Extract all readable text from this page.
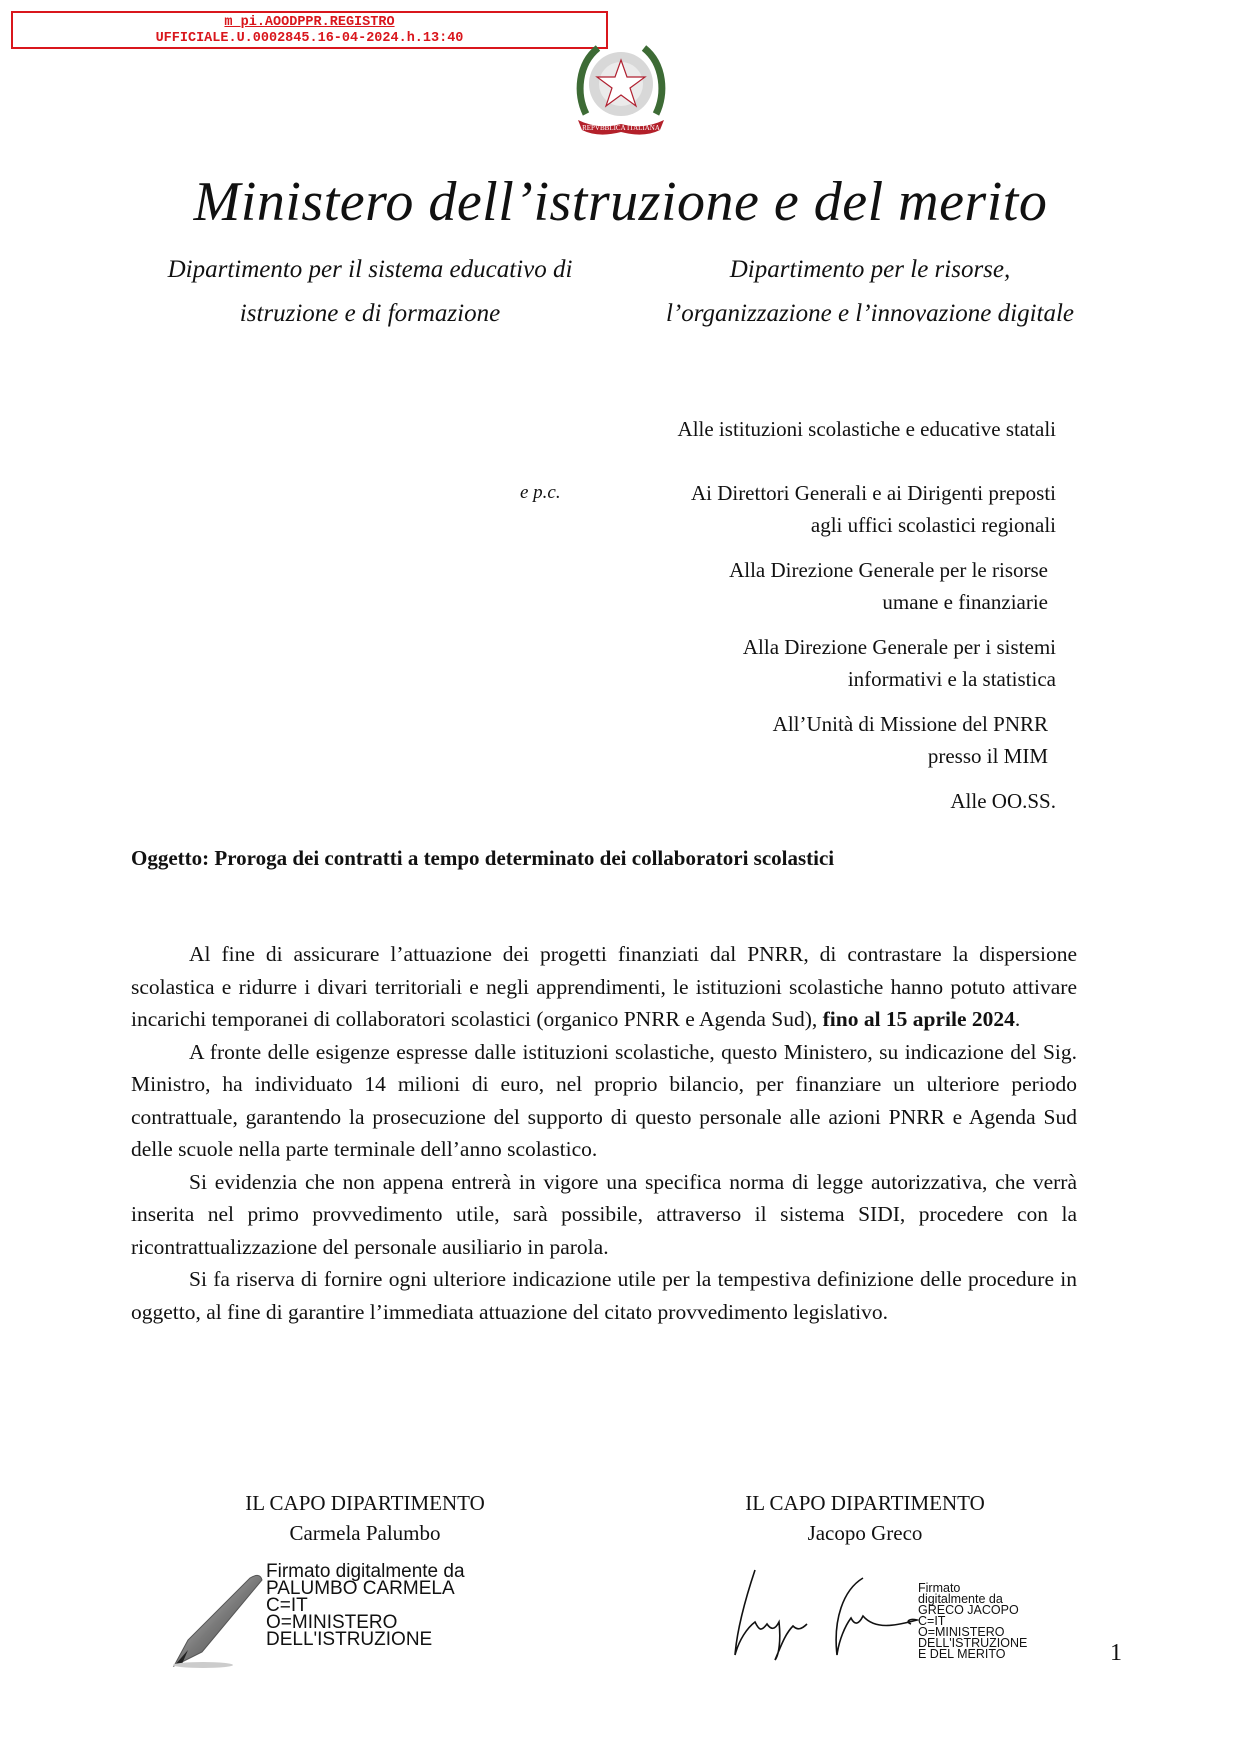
m_pi.AOODPPR.REGISTRO
UFFICIALE.U.0002845.16-04-2024.h.13:40
REPVBBLICA ITALIANA
Ministero dell’istruzione e del merito
Dipartimento per il sistema educativo di
istruzione e di formazione
Dipartimento per le risorse,
l’organizzazione e l’innovazione digitale
Alle istituzioni scolastiche e educative statali
e p.c.	Ai Direttori Generali e ai Dirigenti preposti
agli uffici scolastici regionali
Alla Direzione Generale per le risorse
umane e finanziarie
Alla Direzione Generale per i sistemi
informativi e la statistica
All’Unità di Missione del PNRR
presso il MIM
Alle OO.SS.
Oggetto: Proroga dei contratti a tempo determinato dei collaboratori scolastici

Al fine di assicurare l’attuazione dei progetti finanziati dal PNRR, di contrastare la dispersione scolastica e ridurre i divari territoriali e negli apprendimenti, le istituzioni scolastiche hanno potuto attivare incarichi temporanei di collaboratori scolastici (organico PNRR e Agenda Sud), fino al 15 aprile 2024.

A fronte delle esigenze espresse dalle istituzioni scolastiche, questo Ministero, su indicazione del Sig. Ministro, ha individuato 14 milioni di euro, nel proprio bilancio, per finanziare un ulteriore periodo contrattuale, garantendo la prosecuzione del supporto di questo personale alle azioni PNRR e Agenda Sud delle scuole nella parte terminale dell’anno scolastico.

Si evidenzia che non appena entrerà in vigore una specifica norma di legge autorizzativa, che verrà inserita nel primo provvedimento utile, sarà possibile, attraverso il sistema SIDI, procedere con la ricontrattualizzazione del personale ausiliario in parola.

Si fa riserva di fornire ogni ulteriore indicazione utile per la tempestiva definizione delle procedure in oggetto, al fine di garantire l’immediata attuazione del citato provvedimento legislativo.

IL CAPO DIPARTIMENTO
Carmela Palumbo
Firmato digitalmente da
PALUMBO CARMELA
C=IT
O=MINISTERO
DELL'ISTRUZIONE
IL CAPO DIPARTIMENTO
Jacopo Greco
Firmato
digitalmente da
GRECO JACOPO
C=IT
O=MINISTERO
DELL'ISTRUZIONE
E DEL MERITO	1
